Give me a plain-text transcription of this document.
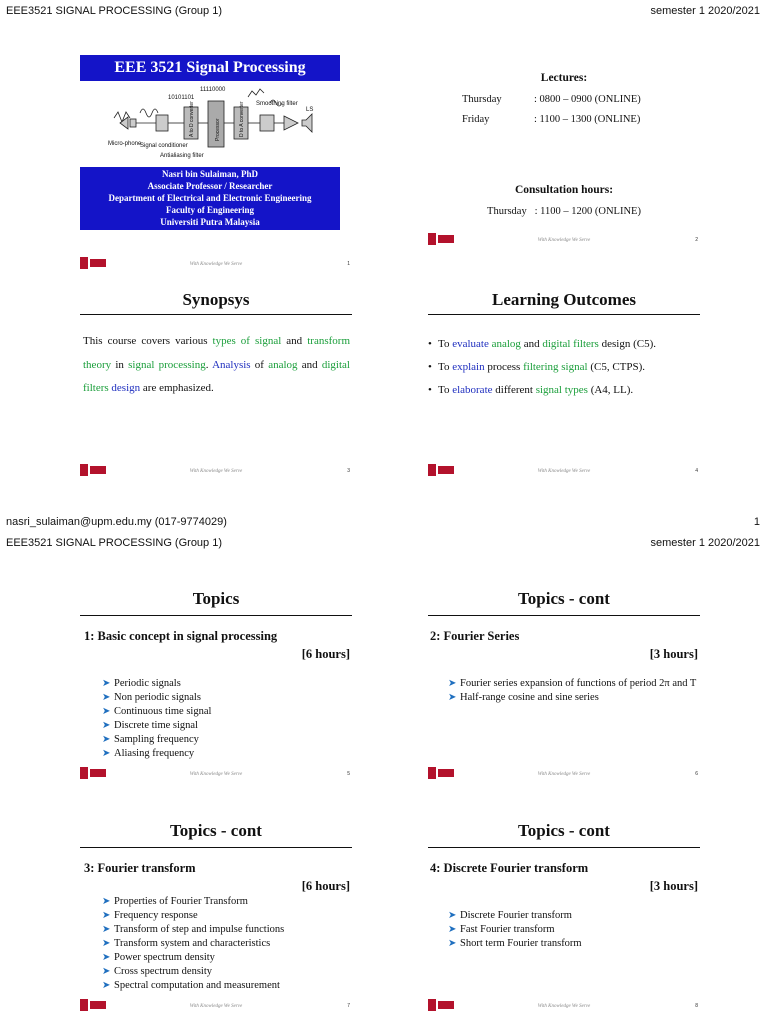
EEE3521 SIGNAL PROCESSING (Group 1)	semester 1 2020/2021
nasri_sulaiman@upm.edu.my (017-9774029)	1
EEE3521 SIGNAL PROCESSING (Group 1)	semester 1 2020/2021
EEE 3521 Signal Processing
11110000
10101101
Smoothing filter
LS
Micro-phone
Signal conditioner
Antialiasing filter
A to D converter	Processor	D to A converter
Nasri bin Sulaiman, PhD
Associate Professor / Researcher
Department of Electrical and Electronic Engineering
Faculty of Engineering
Universiti Putra Malaysia
With Knowledge We Serve	1
Lectures:
Thursday	: 0800 – 0900 (ONLINE)
Friday	: 1100 – 1300 (ONLINE)
Consultation hours:
Thursday : 1100 – 1200 (ONLINE)
With Knowledge We Serve	2
Synopsys
This course covers various types of signal and transform theory in signal processing. Analysis of analog and digital filters design are emphasized.
With Knowledge We Serve	3
Learning Outcomes
• To evaluate analog and digital filters design (C5).
• To explain process filtering signal (C5, CTPS).
• To elaborate different signal types (A4, LL).
With Knowledge We Serve	4
Topics
1: Basic concept in signal processing
[6 hours]
➤ Periodic signals
➤ Non periodic signals
➤ Continuous time signal
➤ Discrete time signal
➤ Sampling frequency
➤ Aliasing frequency
With Knowledge We Serve	5
Topics - cont
2: Fourier Series
[3 hours]
➤ Fourier series expansion of functions of period 2π and T
➤ Half-range cosine and sine series
With Knowledge We Serve	6
Topics - cont
3: Fourier transform
[6 hours]
➤ Properties of Fourier Transform
➤ Frequency response
➤ Transform of step and impulse functions
➤ Transform system and characteristics
➤ Power spectrum density
➤ Cross spectrum density
➤ Spectral computation and measurement
With Knowledge We Serve	7
Topics - cont
4: Discrete Fourier transform
[3 hours]
➤ Discrete Fourier transform
➤ Fast Fourier transform
➤ Short term Fourier transform
With Knowledge We Serve	8
